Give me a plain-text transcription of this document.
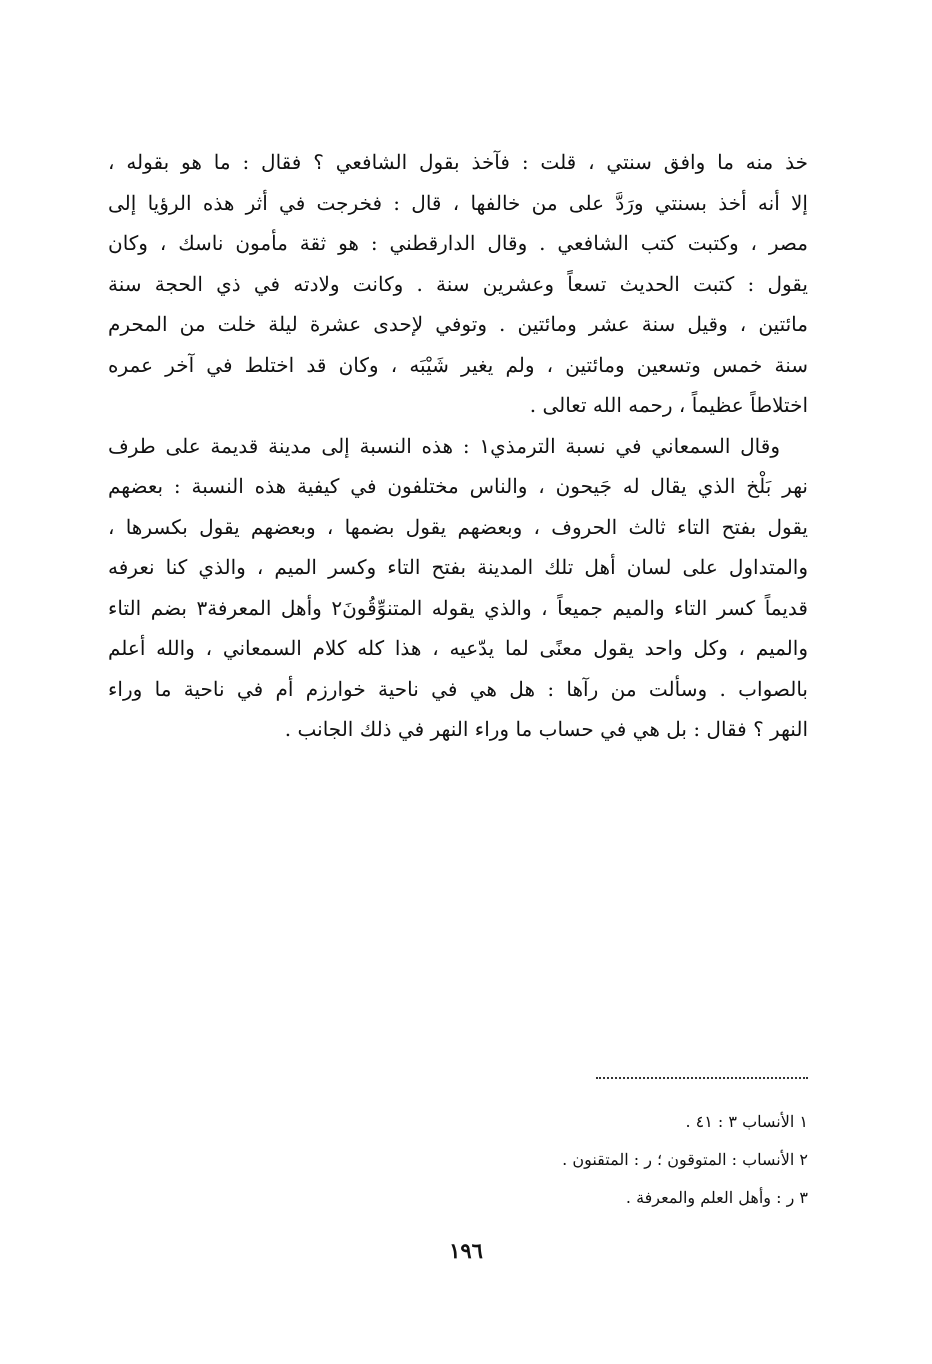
خذ منه ما وافق سنتي ، قلت : فآخذ بقول الشافعي ؟ فقال : ما هو بقوله ،
إلا أنه أخذ بسنتي ورَدَّ على من خالفها ، قال : فخرجت في أثر هذه الرؤيا إلى
مصر ، وكتبت كتب الشافعي . وقال الدارقطني : هو ثقة مأمون ناسك ، وكان
يقول : كتبت الحديث تسعاً وعشرين سنة . وكانت ولادته في ذي الحجة سنة
مائتين ، وقيل سنة عشر ومائتين . وتوفي لإحدى عشرة ليلة خلت من المحرم
سنة خمس وتسعين ومائتين ، ولم يغير شَيْبَه ، وكان قد اختلط في آخر عمره
اختلاطاً عظيماً ، رحمه الله تعالى .
وقال السمعاني في نسبة الترمذي١ : هذه النسبة إلى مدينة قديمة على طرف
نهر بَلْخ الذي يقال له جَيحون ، والناس مختلفون في كيفية هذه النسبة : بعضهم
يقول بفتح التاء ثالث الحروف ، وبعضهم يقول بضمها ، وبعضهم يقول بكسرها ،
والمتداول على لسان أهل تلك المدينة بفتح التاء وكسر الميم ، والذي كنا نعرفه
قديماً كسر التاء والميم جميعاً ، والذي يقوله المتنوِّقُونَ٢ وأهل المعرفة٣ بضم التاء
والميم ، وكل واحد يقول معنًى لما يدّعيه ، هذا كله كلام السمعاني ، والله أعلم
بالصواب . وسألت من رآها : هل هي في ناحية خوارزم أم في ناحية ما وراء
النهر ؟ فقال : بل هي في حساب ما وراء النهر في ذلك الجانب .
١ الأنساب ٣ : ٤١ .
٢ الأنساب : المتوقون ؛ ر : المتقنون .
٣ ر : وأهل العلم والمعرفة .
١٩٦
